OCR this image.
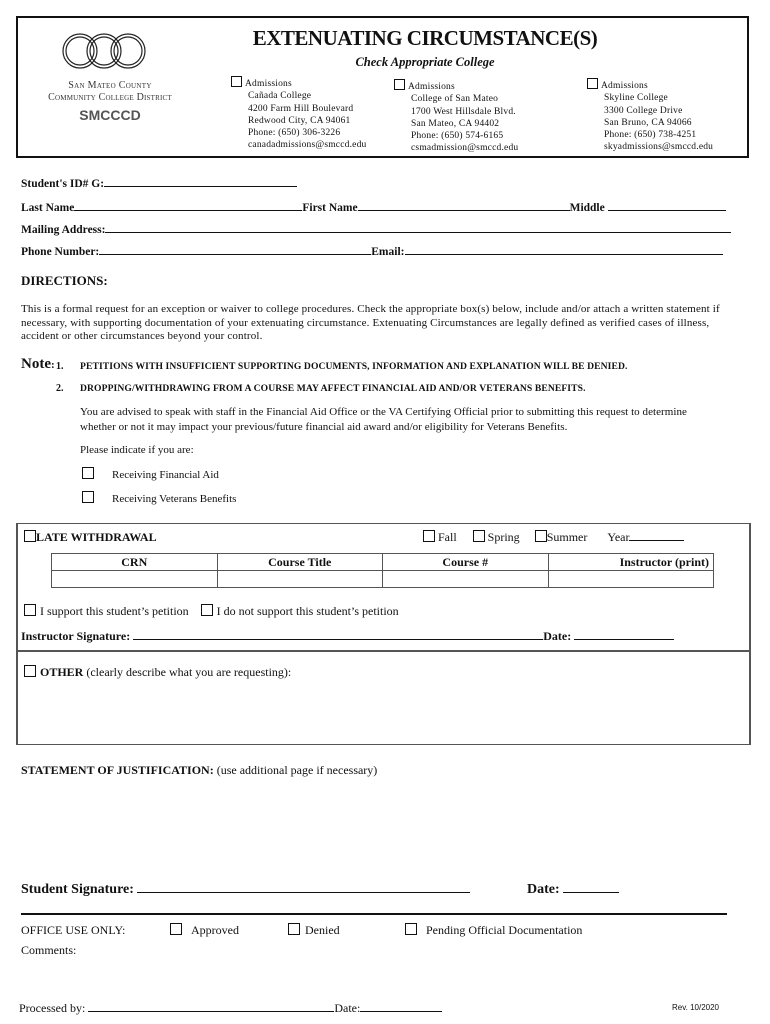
San Mateo County
Community College District
SMCCCD
EXTENUATING CIRCUMSTANCE(S)
Check Appropriate College
Admissions
Cañada College
4200 Farm Hill Boulevard
Redwood City, CA 94061
Phone: (650) 306-3226
canadadmissions@smccd.edu
Admissions
College of San Mateo
1700 West Hillsdale Blvd.
San Mateo, CA 94402
Phone: (650) 574-6165
csmadmission@smccd.edu
Admissions
Skyline College
3300 College Drive
San Bruno, CA 94066
Phone: (650) 738-4251
skyadmissions@smccd.edu
Student's ID# G:
Last Name	First Name	Middle
Mailing Address:
Phone Number:	Email:
DIRECTIONS:
This is a formal request for an exception or waiver to college procedures. Check the appropriate box(s) below, include and/or attach a written statement if necessary, with supporting documentation of your extenuating circumstance. Extenuating Circumstances are legally defined as verified cases of illness, accident or other circumstances beyond your control.
Note: 1. PETITIONS WITH INSUFFICIENT SUPPORTING DOCUMENTS, INFORMATION AND EXPLANATION WILL BE DENIED.
2. DROPPING/WITHDRAWING FROM A COURSE MAY AFFECT FINANCIAL AID AND/OR VETERANS BENEFITS.
You are advised to speak with staff in the Financial Aid Office or the VA Certifying Official prior to submitting this request to determine whether or not it may impact your previous/future financial aid award and/or eligibility for Veterans Benefits.
Please indicate if you are:
Receiving Financial Aid
Receiving Veterans Benefits
LATE WITHDRAWAL	Fall	Spring Summer Year
CRN	Course Title	Course #	Instructor (print)

I support this student’s petition I do not support this student’s petition
Instructor Signature:	Date:
OTHER (clearly describe what you are requesting):
STATEMENT OF JUSTIFICATION: (use additional page if necessary)
Student Signature:	Date:
OFFICE USE ONLY:	Approved	Denied	Pending Official Documentation
Comments:
Processed by:	Date:	Rev. 10/2020
